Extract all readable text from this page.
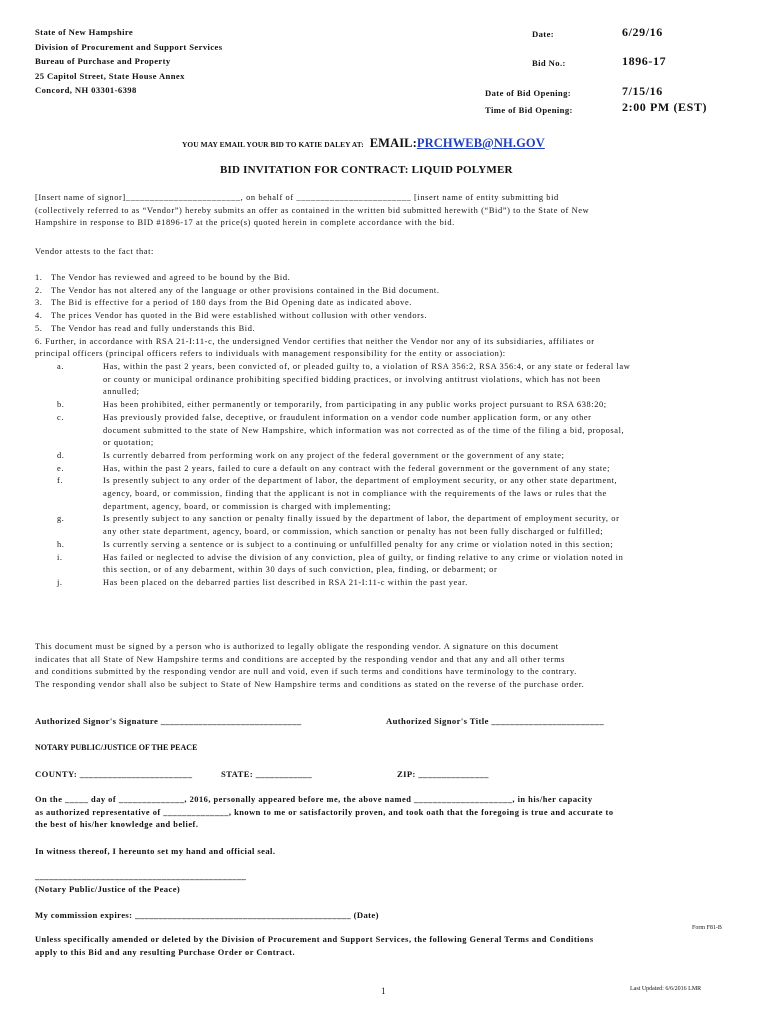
State of New Hampshire
Division of Procurement and Support Services
Bureau of Purchase and Property
25 Capitol Street, State House Annex
Concord, NH 03301-6398
Date:	6/29/16
Bid No.:	1896-17
Date of Bid Opening:	7/15/16
Time of Bid Opening:	2:00 PM (EST)
YOU MAY EMAIL YOUR BID TO KATIE DALEY AT: EMAIL:PRCHWEB@NH.GOV
BID INVITATION FOR CONTRACT: LIQUID POLYMER
[Insert name of signor]________________________, on behalf of ________________________ [insert name of entity submitting bid
(collectively referred to as “Vendor”) hereby submits an offer as contained in the written bid submitted herewith (“Bid”) to the State of New
Hampshire in response to BID #1896-17 at the price(s) quoted herein in complete accordance with the bid.
Vendor attests to the fact that:
1.	The Vendor has reviewed and agreed to be bound by the Bid.
2.	The Vendor has not altered any of the language or other provisions contained in the Bid document.
3.	The Bid is effective for a period of 180 days from the Bid Opening date as indicated above.
4.	The prices Vendor has quoted in the Bid were established without collusion with other vendors.
5.	The Vendor has read and fully understands this Bid.
6. Further, in accordance with RSA 21-I:11-c, the undersigned Vendor certifies that neither the Vendor nor any of its subsidiaries, affiliates or
principal officers (principal officers refers to individuals with management responsibility for the entity or association):
a.	Has, within the past 2 years, been convicted of, or pleaded guilty to, a violation of RSA 356:2, RSA 356:4, or any state or federal law
or county or municipal ordinance prohibiting specified bidding practices, or involving antitrust violations, which has not been
annulled;
b.	Has been prohibited, either permanently or temporarily, from participating in any public works project pursuant to RSA 638:20;
c.	Has previously provided false, deceptive, or fraudulent information on a vendor code number application form, or any other
document submitted to the state of New Hampshire, which information was not corrected as of the time of the filing a bid, proposal,
or quotation;
d.	Is currently debarred from performing work on any project of the federal government or the government of any state;
e.	Has, within the past 2 years, failed to cure a default on any contract with the federal government or the government of any state;
f.	Is presently subject to any order of the department of labor, the department of employment security, or any other state department,
agency, board, or commission, finding that the applicant is not in compliance with the requirements of the laws or rules that the
department, agency, board, or commission is charged with implementing;
g.	Is presently subject to any sanction or penalty finally issued by the department of labor, the department of employment security, or
any other state department, agency, board, or commission, which sanction or penalty has not been fully discharged or fulfilled;
h.	Is currently serving a sentence or is subject to a continuing or unfulfilled penalty for any crime or violation noted in this section;
i.	Has failed or neglected to advise the division of any conviction, plea of guilty, or finding relative to any crime or violation noted in
this section, or of any debarment, within 30 days of such conviction, plea, finding, or debarment; or
j.	Has been placed on the debarred parties list described in RSA 21-I:11-c within the past year.
This document must be signed by a person who is authorized to legally obligate the responding vendor. A signature on this document
indicates that all State of New Hampshire terms and conditions are accepted by the responding vendor and that any and all other terms
and conditions submitted by the responding vendor are null and void, even if such terms and conditions have terminology to the contrary.
The responding vendor shall also be subject to State of New Hampshire terms and conditions as stated on the reverse of the purchase order.
Authorized Signor's Signature ______________________________	Authorized Signor's Title ________________________
NOTARY PUBLIC/JUSTICE OF THE PEACE
COUNTY: ________________________	STATE: ____________	ZIP: _______________
On the _____ day of ______________, 2016, personally appeared before me, the above named _____________________, in his/her capacity
as authorized representative of ______________, known to me or satisfactorily proven, and took oath that the foregoing is true and accurate to
the best of his/her knowledge and belief.
In witness thereof, I hereunto set my hand and official seal.
_____________________________________________
(Notary Public/Justice of the Peace)
My commission expires: ______________________________________________ (Date)
Form F81-B
Unless specifically amended or deleted by the Division of Procurement and Support Services, the following General Terms and Conditions
apply to this Bid and any resulting Purchase Order or Contract.
1	Last Updated: 6/6/2016 LMR
